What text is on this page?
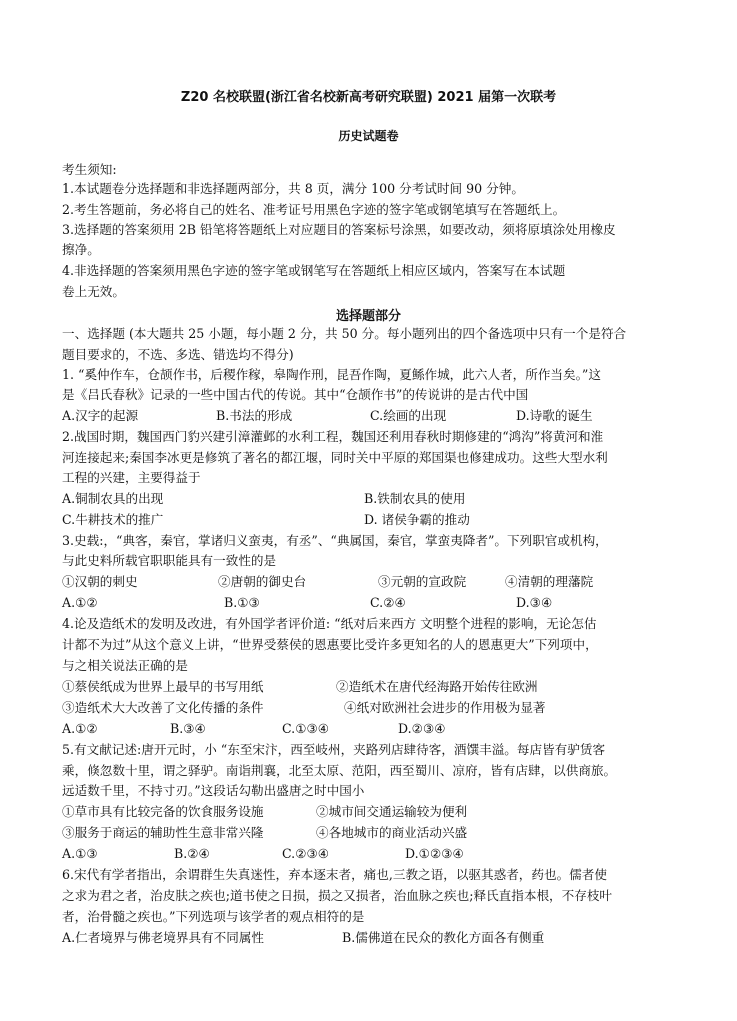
Z20 名校联盟(浙江省名校新高考研究联盟) 2021 届第一次联考
历史试题卷
考生须知:
1.本试题卷分选择题和非选择题两部分，共 8 页，满分 100 分考试时间 90 分钟。
2.考生答题前，务必将自己的姓名、准考证号用黑色字迹的签字笔或钢笔填写在答题纸上。
3.选择题的答案须用 2B 铅笔将答题纸上对应题目的答案标号涂黑，如要改动，须将原填涂处用橡皮
擦净。
4.非选择题的答案须用黑色字迹的签字笔或钢笔写在答题纸上相应区域内，答案写在本试题
卷上无效。
选择题部分
一、选择题 (本大题共 25 小题，每小题 2 分，共 50 分。每小题列出的四个备选项中只有一个是符合
题目要求的，不选、多选、错选均不得分)
1. “奚仲作车，仓颉作书，后稷作稼，皋陶作刑，昆吾作陶，夏鲧作城，此六人者，所作当矣。”这
是《吕氏春秋》记录的一些中国古代的传说。其中“仓颉作书”的传说讲的是古代中国
A.汉字的起源	B.书法的形成	C.绘画的出现	D.诗歌的诞生
2.战国时期，魏国西门豹兴建引漳灌邺的水利工程，魏国还利用春秋时期修建的“鸿沟”将黄河和淮
河连接起来;秦国李冰更是修筑了著名的都江堰，同时关中平原的郑国渠也修建成功。这些大型水利
工程的兴建，主要得益于
A.铜制农具的出现	B.铁制农具的使用
C.牛耕技术的推广	D. 诸侯争霸的推动
3.史载:，“典客，秦官，掌诸归义蛮夷，有丞”、“典属国，秦官，掌蛮夷降者”。下列职官或机构，
与此史料所载官职职能具有一致性的是
①汉朝的刺史	②唐朝的御史台	③元朝的宣政院	④清朝的理藩院
A.①②	B.①③	C.②④	D.③④
4.论及造纸术的发明及改进，有外国学者评价道: “纸对后来西方 文明整个进程的影响，无论怎估
计都不为过”从这个意义上讲，“世界受蔡侯的恩惠要比受许多更知名的人的恩惠更大”下列项中，
与之相关说法正确的是
①蔡侯纸成为世界上最早的书写用纸	②造纸术在唐代经海路开始传往欧洲
③造纸术大大改善了文化传播的条件	④纸对欧洲社会进步的作用极为显著
A.①②	B.③④	C.①③④	D.②③④
5.有文献记述:唐开元时，小 “东至宋汴，西至岐州，夹路列店肆待客，酒馔丰溢。每店皆有驴赁客
乘，倏忽数十里，谓之驿驴。南诣荆襄，北至太原、范阳，西至蜀川、凉府，皆有店肆，以供商旅。
远适数千里，不持寸刃。”这段话勾勒出盛唐之时中国小
①草市具有比较完备的饮食服务设施	②城市间交通运输较为便利
③服务于商运的辅助性生意非常兴隆	④各地城市的商业活动兴盛
A.①③	B.②④	C.②③④	D.①②③④
6.宋代有学者指出，余谓群生失真迷性，弃本逐末者，痛也,三教之语，以驱其惑者，药也。儒者使
之求为君之者，治皮肤之疾也;道书使之日损，损之又损者，治血脉之疾也;释氏直指本根，不存枝叶
者，治骨髓之疾也。”下列选项与该学者的观点相符的是
A.仁者境界与佛老境界具有不同属性	B.儒佛道在民众的教化方面各有侧重
